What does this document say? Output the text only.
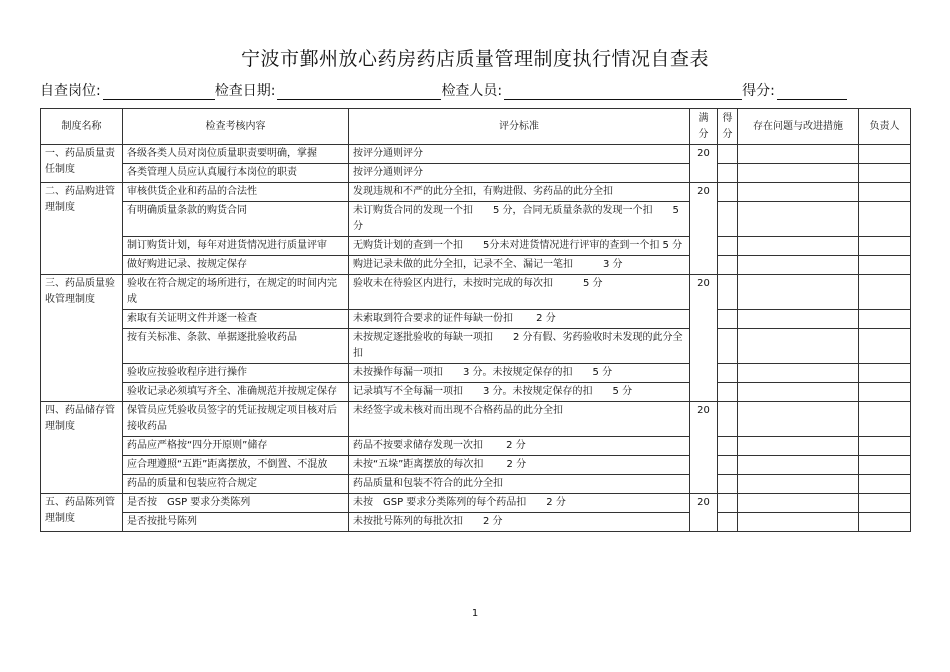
宁波市鄞州放心药房药店质量管理制度执行情况自查表
自查岗位:	检查日期:	检查人员:	得分:
制度名称	检查考核内容	评分标准	满分	得分	存在问题与改进措施	负责人
一、药品质量责任制度	各级各类人员对岗位质量职责要明确，掌握	按评分通则评分	20			
	各类管理人员应认真履行本岗位的职责	按评分通则评分				
二、药品购进管理制度	审核供货企业和药品的合法性	发现违规和不严的此分全扣，有购进假、劣药品的此分全扣	20			
	有明确质量条款的购货合同	未订购货合同的发现一个扣　　5 分，合同无质量条款的发现一个扣　　5 分				
	制订购货计划，每年对进货情况进行质量评审	无购货计划的查到一个扣　　5分未对进货情况进行评审的查到一个扣 5 分				
	做好购进记录、按规定保存	购进记录未做的此分全扣，记录不全、漏记一笔扣　　　3 分				
三、药品质量验收管理制度	验收在符合规定的场所进行，在规定的时间内完成	验收未在待验区内进行，未按时完成的每次扣　　　5 分	20			
	索取有关证明文件并逐一检查	未索取到符合要求的证件每缺一份扣　　 2 分				
	按有关标准、条款、单据逐批验收药品	未按规定逐批验收的每缺一项扣　　2 分有假、劣药验收时未发现的此分全扣				
	验收应按验收程序进行操作	未按操作每漏一项扣　　3 分。未按规定保存的扣　　5 分				
	验收记录必须填写齐全、准确规范并按规定保存	记录填写不全每漏一项扣　　3 分。未按规定保存的扣　　5 分				
四、药品储存管理制度	保管员应凭验收员签字的凭证按规定项目核对后接收药品	未经签字或未核对而出现不合格药品的此分全扣	20			
	药品应严格按“四分开原则”储存	药品不按要求储存发现一次扣　　 2 分				
	应合理遵照“五距”距离摆放，不倒置、不混放	未按“五垛”距离摆放的每次扣　　 2 分				
	药品的质量和包装应符合规定	药品质量和包装不符合的此分全扣				
五、药品陈列管理制度	是否按　GSP 要求分类陈列	未按　GSP 要求分类陈列的每个药品扣　　2 分	20			
	是否按批号陈列	未按批号陈列的每批次扣　　2 分				
1
